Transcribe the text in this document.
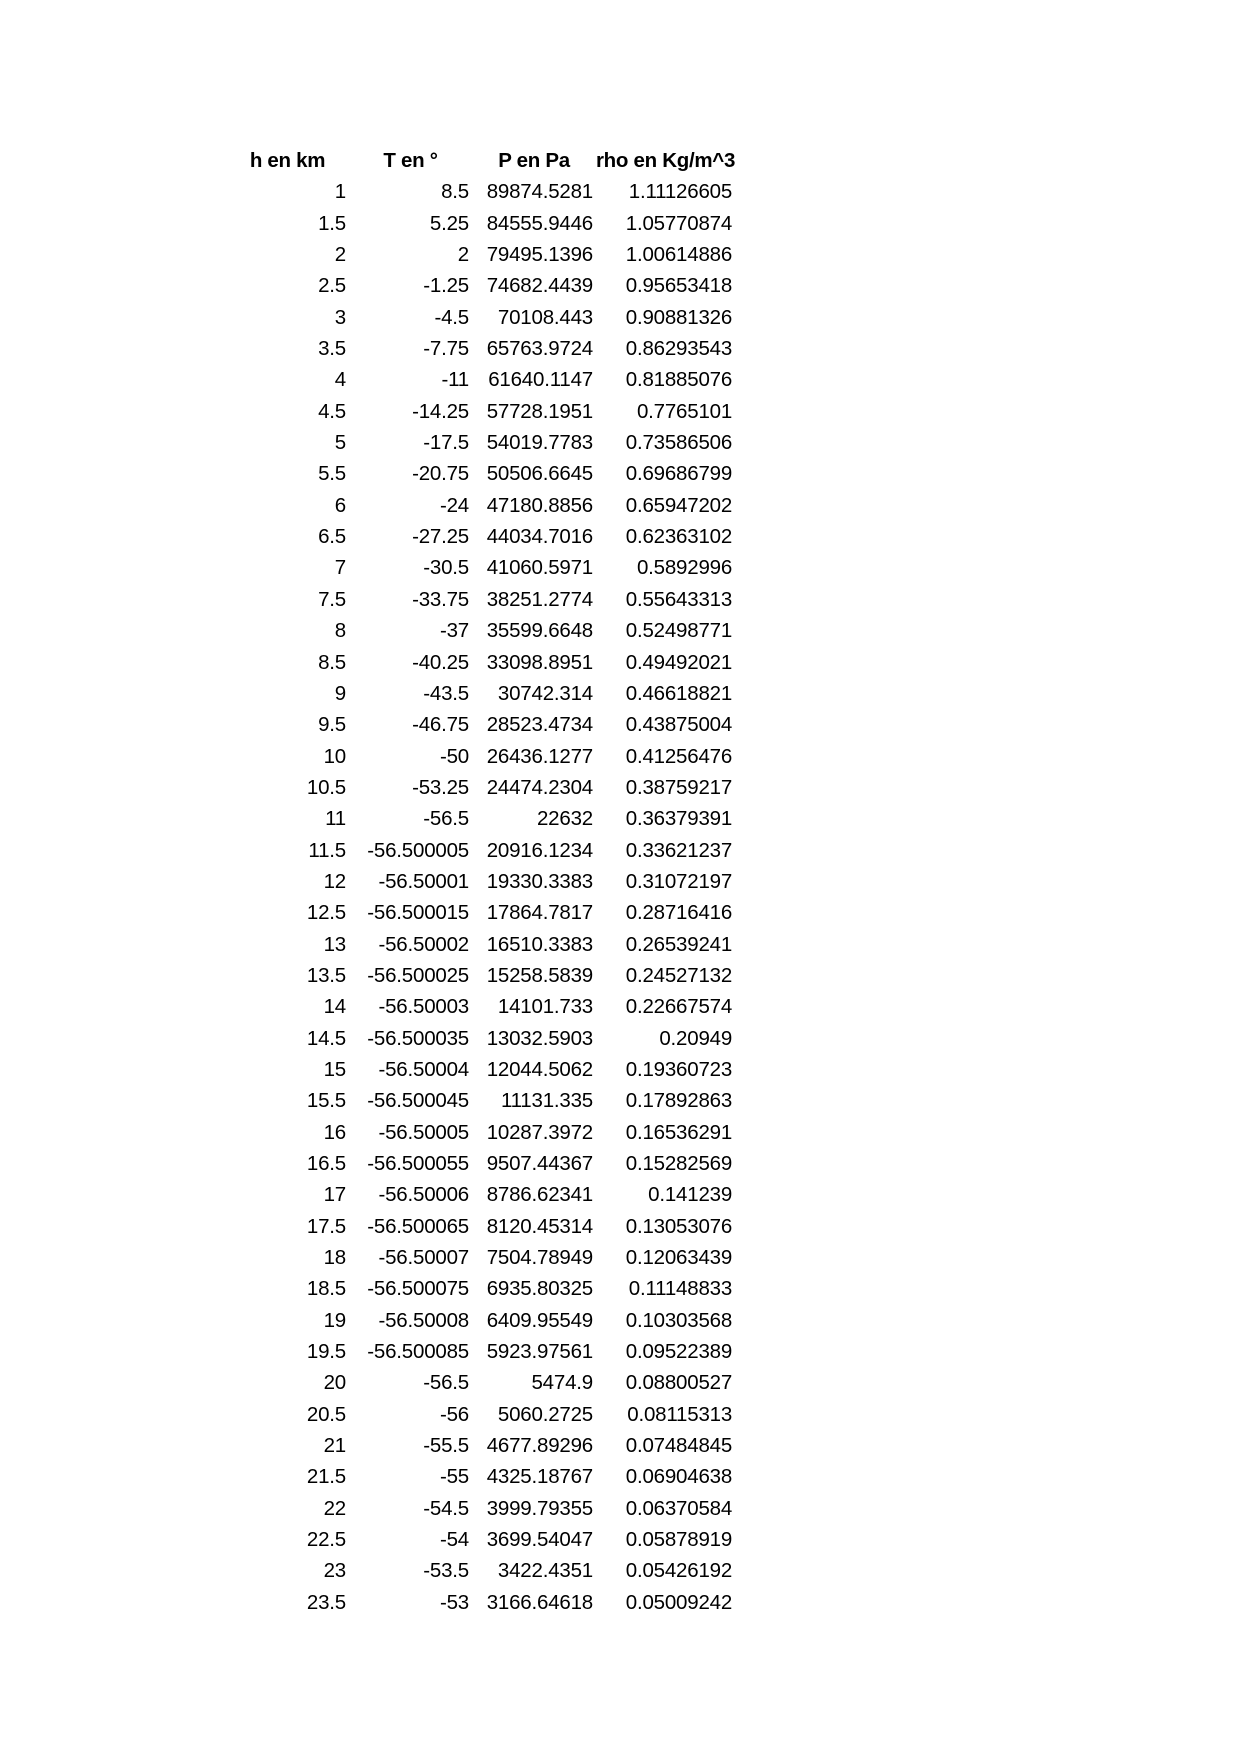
h en km	T en °	P en Pa	rho en Kg/m^3
1	8.5	89874.5281	1.11126605
1.5	5.25	84555.9446	1.05770874
2	2	79495.1396	1.00614886
2.5	-1.25	74682.4439	0.95653418
3	-4.5	70108.443	0.90881326
3.5	-7.75	65763.9724	0.86293543
4	-11	61640.1147	0.81885076
4.5	-14.25	57728.1951	0.7765101
5	-17.5	54019.7783	0.73586506
5.5	-20.75	50506.6645	0.69686799
6	-24	47180.8856	0.65947202
6.5	-27.25	44034.7016	0.62363102
7	-30.5	41060.5971	0.5892996
7.5	-33.75	38251.2774	0.55643313
8	-37	35599.6648	0.52498771
8.5	-40.25	33098.8951	0.49492021
9	-43.5	30742.314	0.46618821
9.5	-46.75	28523.4734	0.43875004
10	-50	26436.1277	0.41256476
10.5	-53.25	24474.2304	0.38759217
11	-56.5	22632	0.36379391
11.5	-56.500005	20916.1234	0.33621237
12	-56.50001	19330.3383	0.31072197
12.5	-56.500015	17864.7817	0.28716416
13	-56.50002	16510.3383	0.26539241
13.5	-56.500025	15258.5839	0.24527132
14	-56.50003	14101.733	0.22667574
14.5	-56.500035	13032.5903	0.20949
15	-56.50004	12044.5062	0.19360723
15.5	-56.500045	11131.335	0.17892863
16	-56.50005	10287.3972	0.16536291
16.5	-56.500055	9507.44367	0.15282569
17	-56.50006	8786.62341	0.141239
17.5	-56.500065	8120.45314	0.13053076
18	-56.50007	7504.78949	0.12063439
18.5	-56.500075	6935.80325	0.11148833
19	-56.50008	6409.95549	0.10303568
19.5	-56.500085	5923.97561	0.09522389
20	-56.5	5474.9	0.08800527
20.5	-56	5060.2725	0.08115313
21	-55.5	4677.89296	0.07484845
21.5	-55	4325.18767	0.06904638
22	-54.5	3999.79355	0.06370584
22.5	-54	3699.54047	0.05878919
23	-53.5	3422.4351	0.05426192
23.5	-53	3166.64618	0.05009242
